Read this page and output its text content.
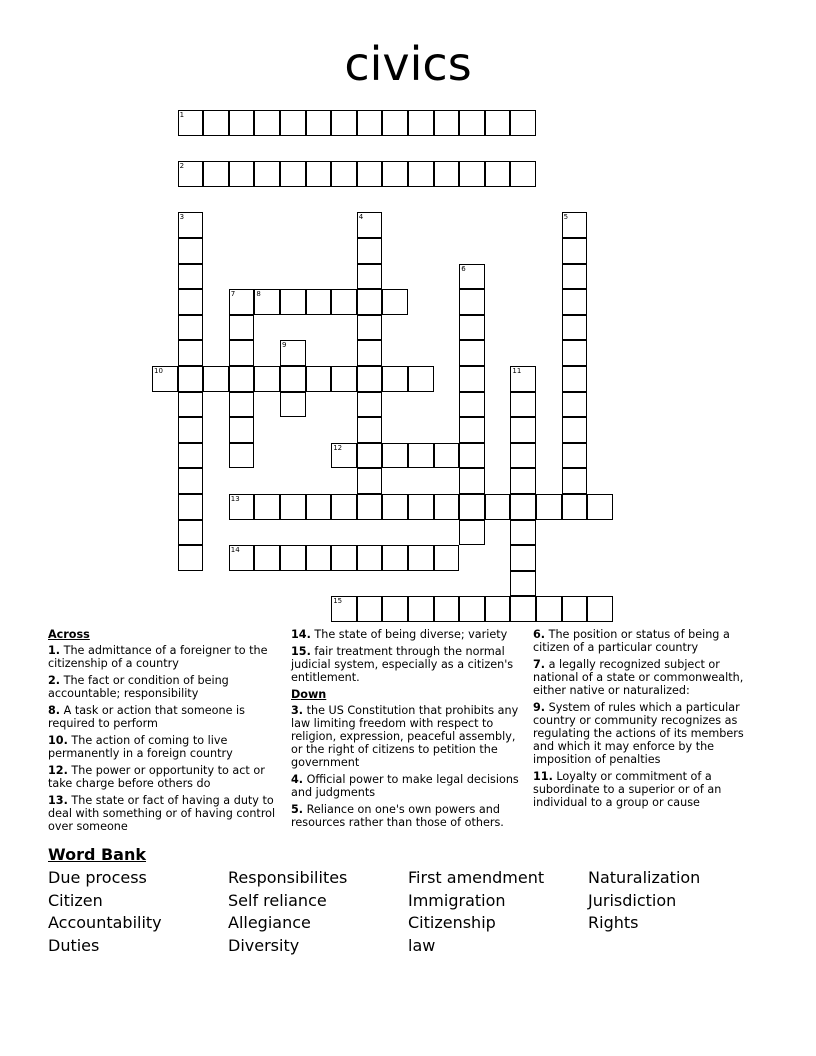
civics
1
2
3	4	5
6
7	8
9
10	11
12
13
14
15
Across
1. The admittance of a foreigner to the citizenship of a country
2. The fact or condition of being accountable; responsibility
8. A task or action that someone is required to perform
10. The action of coming to live permanently in a foreign country
12. The power or opportunity to act or take charge before others do
13. The state or fact of having a duty to deal with something or of having control over someone
14. The state of being diverse; variety
15. fair treatment through the normal judicial system, especially as a citizen's entitlement.
Down
3. the US Constitution that prohibits any law limiting freedom with respect to religion, expression, peaceful assembly, or the right of citizens to petition the government
4. Official power to make legal decisions and judgments
5. Reliance on one's own powers and resources rather than those of others.
6. The position or status of being a citizen of a particular country
7. a legally recognized subject or national of a state or commonwealth, either native or naturalized:
9. System of rules which a particular country or community recognizes as regulating the actions of its members and which it may enforce by the imposition of penalties
11. Loyalty or commitment of a subordinate to a superior or of an individual to a group or cause
Word Bank
Due process
Citizen
Accountability
Duties
Responsibilites
Self reliance
Allegiance
Diversity
First amendment
Immigration
Citizenship
law
Naturalization
Jurisdiction
Rights
